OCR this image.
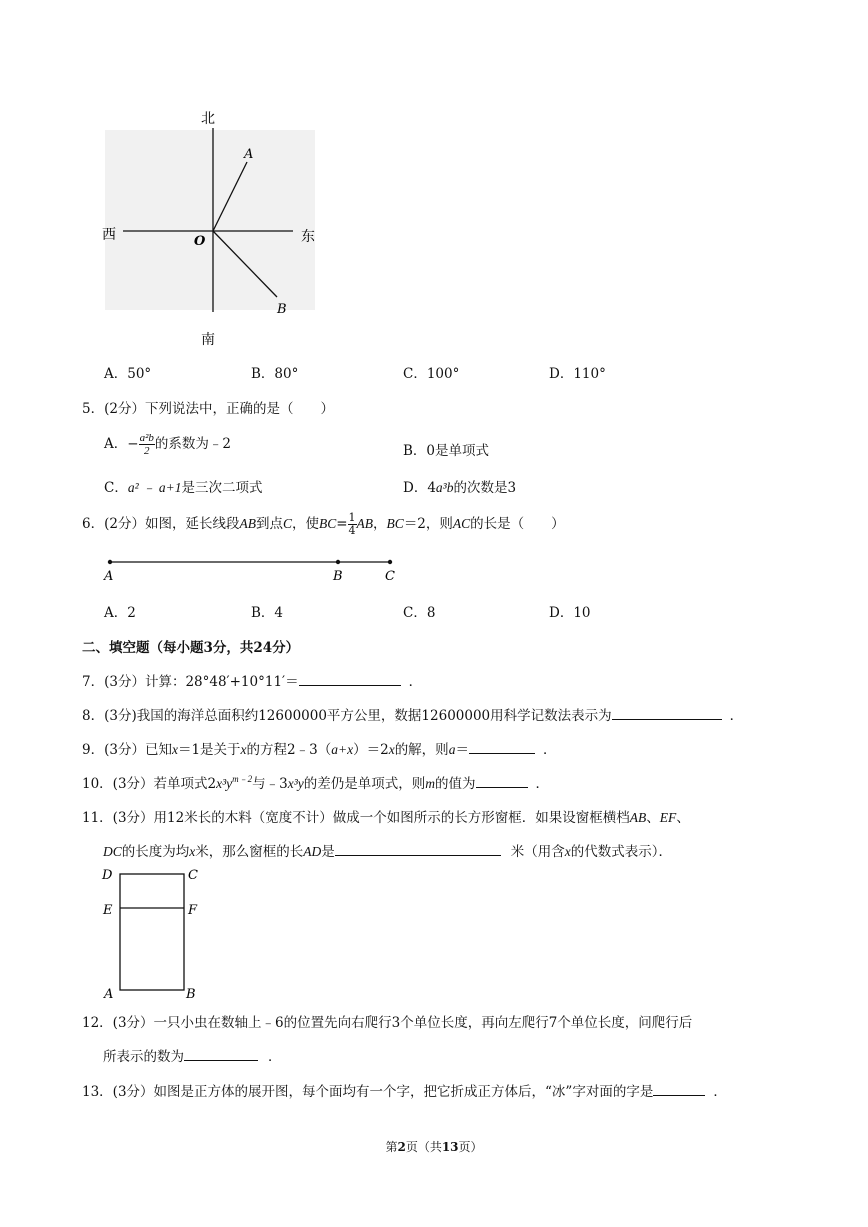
北
南
西	东
O
A
B
A．50°	B．80°	C．100°	D．110°
5．(2分）下列说法中，正确的是（　　）
A．− $\frac{\text{a²b}}{2}$ 的系数为﹣2	B．0是单项式
C．a² ﹣ a+1是三次二项式	D．4a³b的次数是3
6．(2分）如图，延长线段AB到点C，使$BC= \frac{1}{4}$ AB，BC＝2，则AC的长是（　　）
A	B	C
A．2	B．4	C．8	D．10
二、填空题（每小题3分，共24分）
7．(3分）计算：28°48′+10°11′＝	．
8．(3分)我国的海洋总面积约12600000平方公里，数据12600000用科学记数法表示为	．
9．(3分）已知x＝1是关于x的方程2﹣3（a+x）＝2x的解，则a＝	．
10．(3分）若单项式$2x^3y^{m﹣2}$与﹣3x³y的差仍是单项式，则m的值为	．
11．(3分）用12米长的木料（宽度不计）做成一个如图所示的长方形窗框．如果设窗框横档AB、EF、
DC的长度为均x米，那么窗框的长AD是	米（用含x的代数式表示）．
D	C
E	F
A	B
12．(3分）一只小虫在数轴上﹣6的位置先向右爬行3个单位长度，再向左爬行7个单位长度，问爬行后
所表示的数为	．
13．(3分）如图是正方体的展开图，每个面均有一个字，把它折成正方体后，“冰”字对面的字是	．
第2页（共13页）
